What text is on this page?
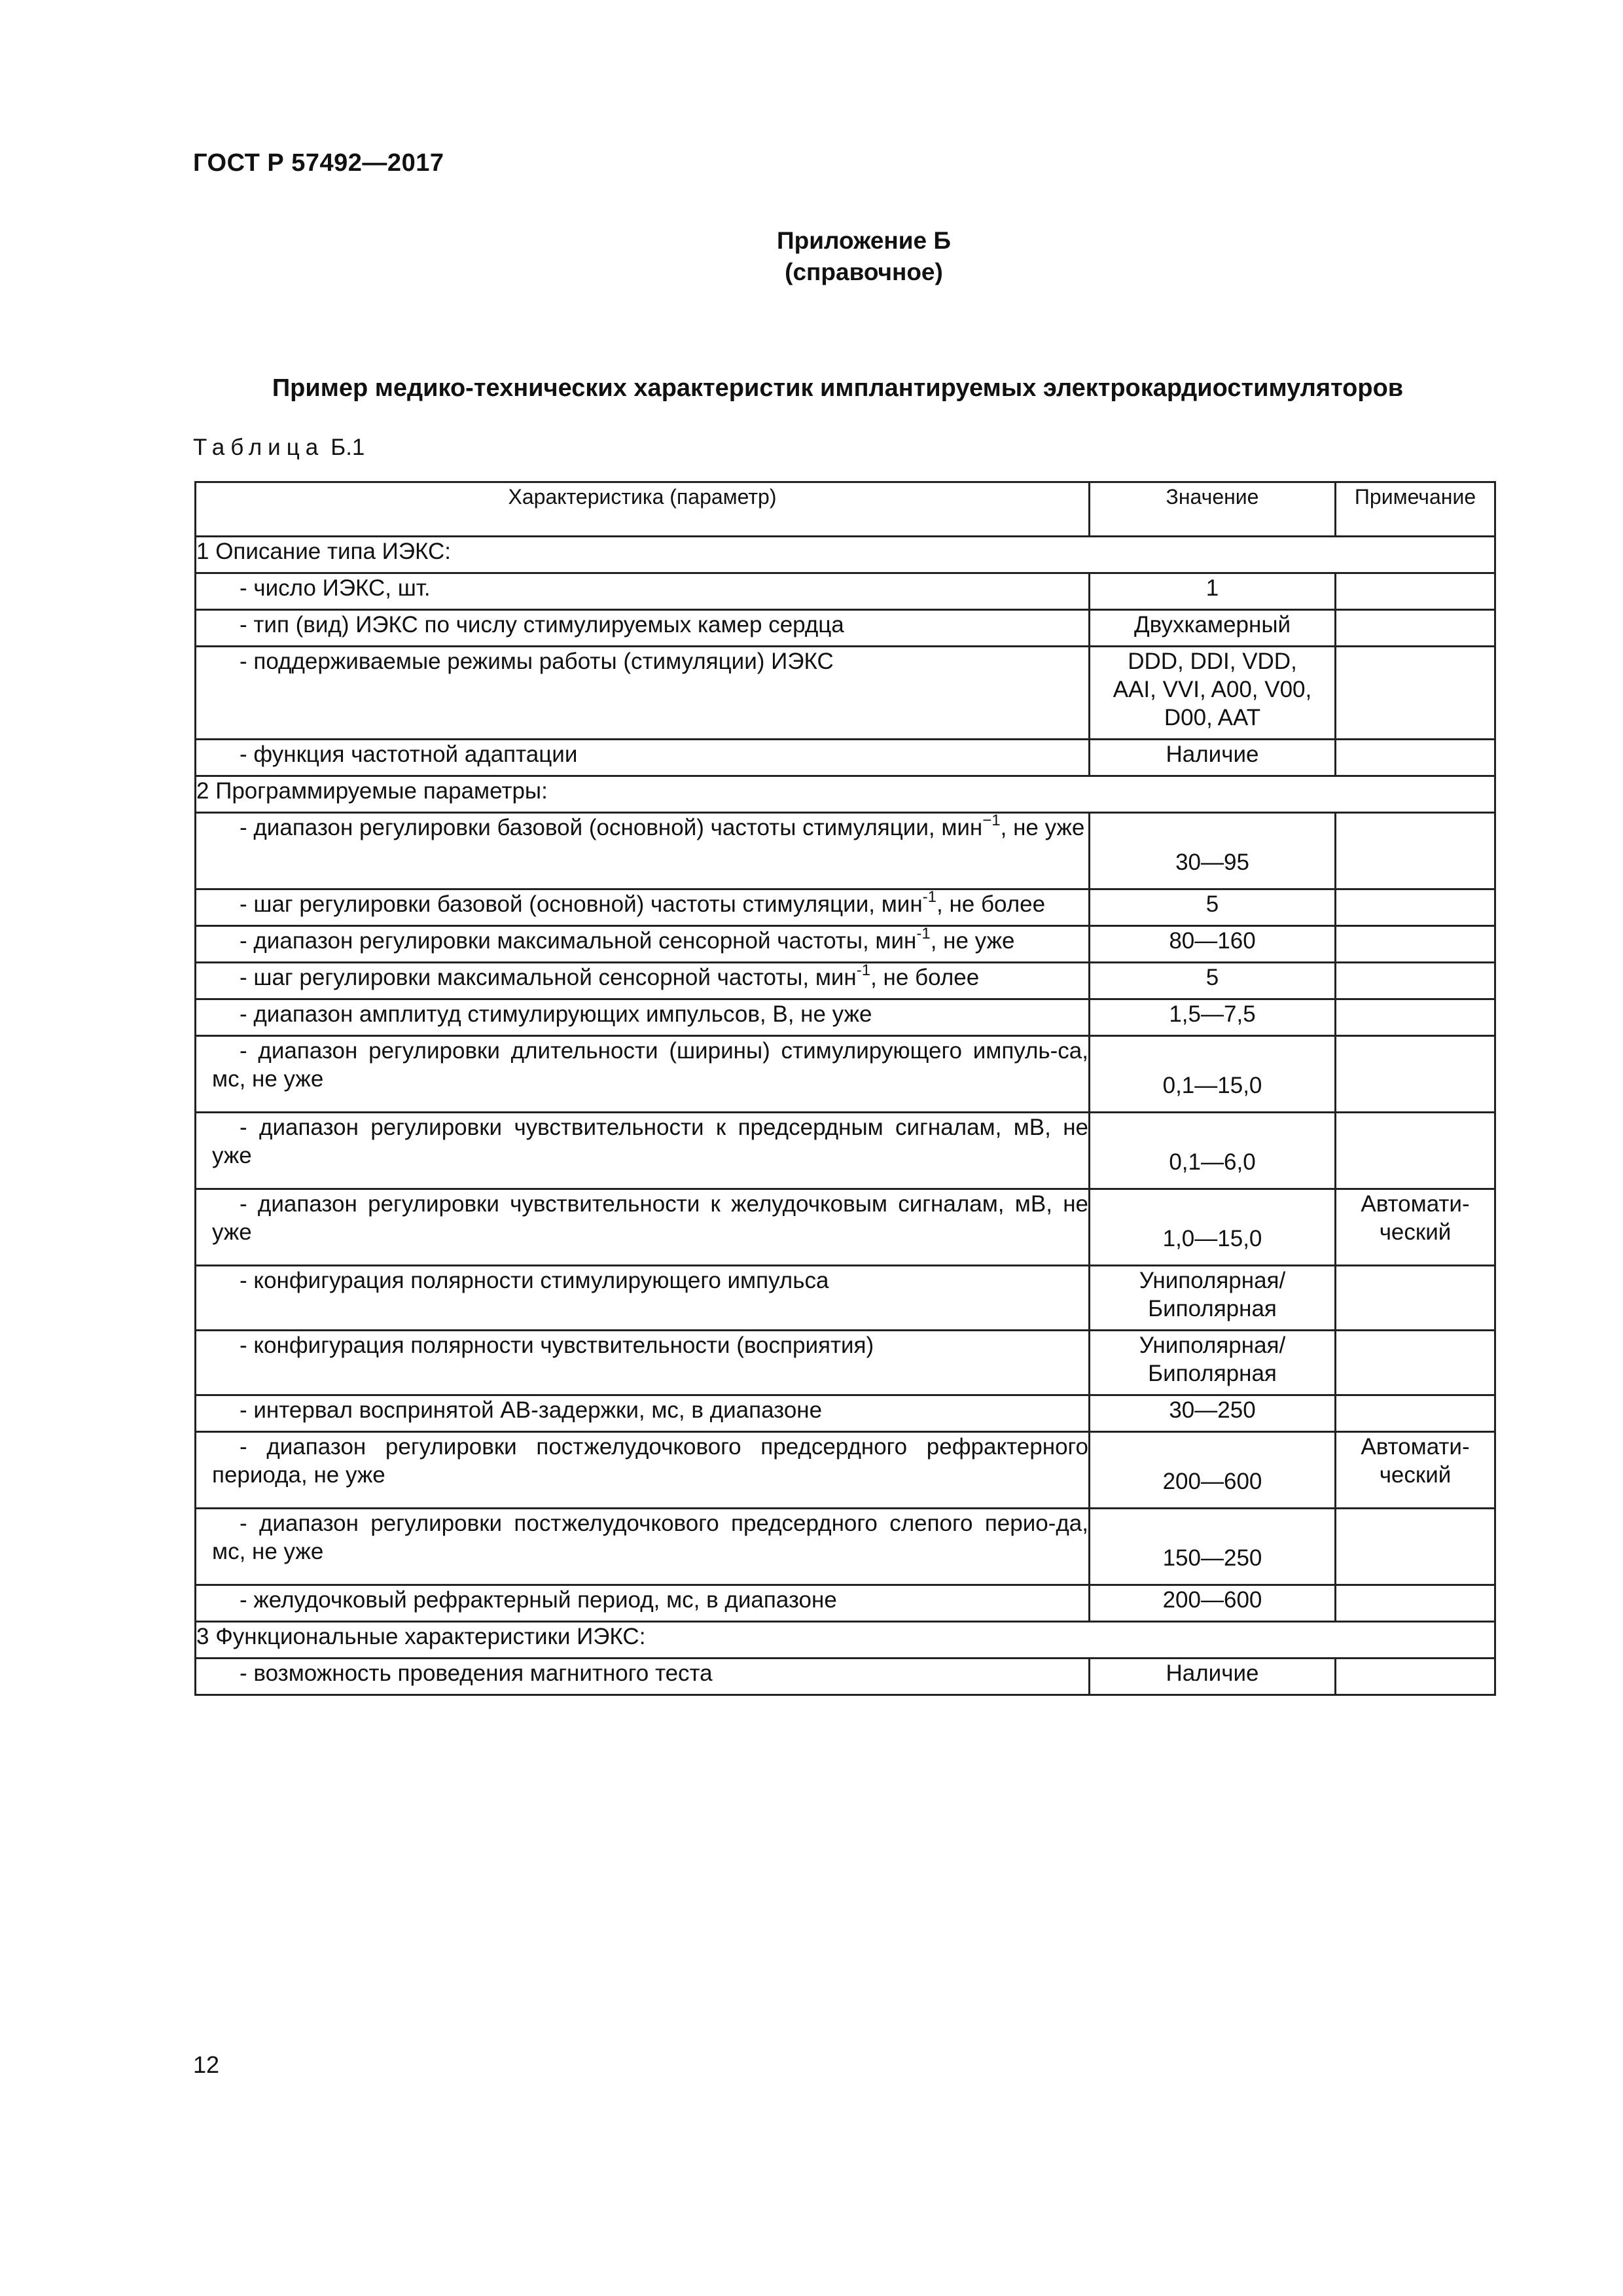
ГОСТ Р 57492—2017
Приложение Б
(справочное)
Пример медико-технических характеристик имплантируемых электрокардиостимуляторов
Таблица Б.1
Характеристика (параметр)	Значение	Примечание
1 Описание типа ИЭКС:		
- число ИЭКС, шт.	1	
- тип (вид) ИЭКС по числу стимулируемых камер сердца	Двухкамерный	
- поддерживаемые режимы работы (стимуляции) ИЭКС	DDD, DDI, VDD,
AAI, VVI, A00, V00,
D00, AAT	

- функция частотной адаптации	Наличие	
2 Программируемые параметры:		
- диапазон регулировки базовой (основной) частоты стимуляции, мин$^{-1}$, не уже	30—95	
- шаг регулировки базовой (основной) частоты стимуляции, мин$^{-1}$, не более	5	
- диапазон регулировки максимальной сенсорной частоты, мин$^{-1}$, не уже	80—160	
- шаг регулировки максимальной сенсорной частоты, мин$^{-1}$, не более	5	
- диапазон амплитуд стимулирующих импульсов, В, не уже	1,5—7,5	
- диапазон регулировки длительности (ширины) стимулирующего импуль-са, мс, не уже	0,1—15,0	
- диапазон регулировки чувствительности к предсердным сигналам, мВ, не уже	0,1—6,0	
- диапазон регулировки чувствительности к желудочковым сигналам, мВ, не уже	1,0—15,0	Автомати-
ческий

- конфигурация полярности стимулирующего импульса	Униполярная/
Биполярная	

- конфигурация полярности чувствительности (восприятия)	Униполярная/
Биполярная	

- интервал воспринятой АВ-задержки, мс, в диапазоне	30—250	
- диапазон регулировки постжелудочкового предсердного рефрактерного периода, не уже	200—600	Автомати-
ческий

- диапазон регулировки постжелудочкового предсердного слепого перио-да, мс, не уже	150—250	
- желудочковый рефрактерный период, мс, в диапазоне	200—600	
3 Функциональные характеристики ИЭКС:		
- возможность проведения магнитного теста	Наличие	
12
